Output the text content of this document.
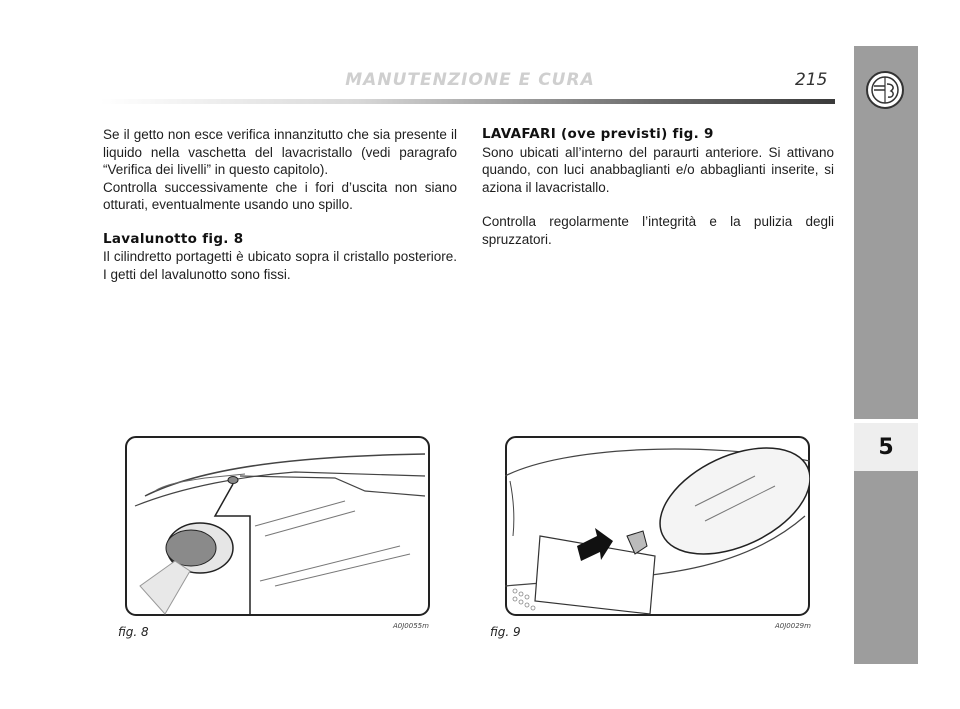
MANUTENZIONE E CURA	215
5

Se il getto non esce verifica innanzitutto che sia presente il liquido nella vaschetta del lavacristallo (vedi paragrafo “Verifica dei livelli” in questo capitolo).

Controlla successivamente che i fori d’uscita non siano otturati, eventualmente usando uno spillo.

Lavalunotto fig. 8

Il cilindretto portagetti è ubicato sopra il cristallo posteriore. I getti del lavalunotto sono fissi.

LAVAFARI (ove previsti) fig. 9

Sono ubicati all’interno del paraurti anteriore. Si attivano quando, con luci anabbaglianti e/o abbaglianti inserite, si aziona il lavacristallo.

Controlla regolarmente l’integrità e la pulizia degli spruzzatori.

fig. 8	A0J0055m	fig. 9	A0J0029m
